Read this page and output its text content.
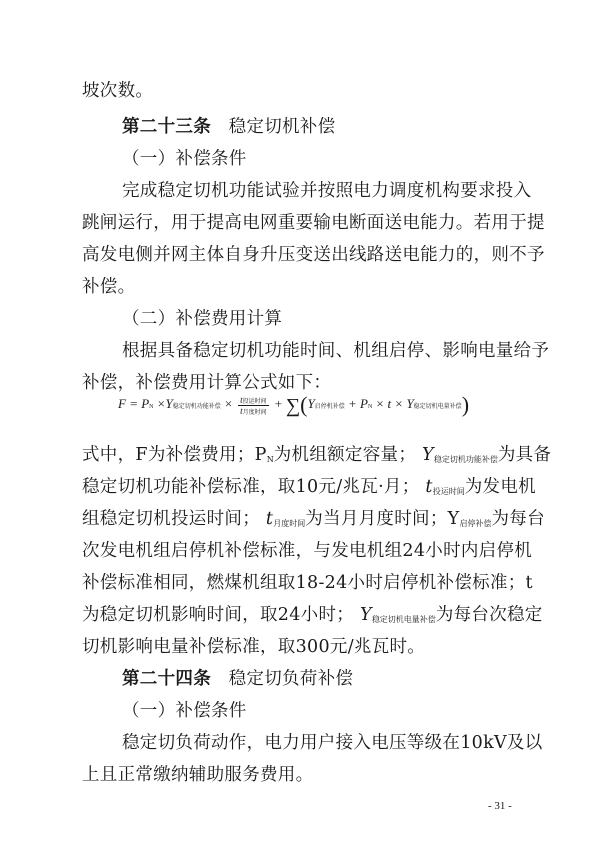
坡次数。
第二十三条 稳定切机补偿
（一）补偿条件
完成稳定切机功能试验并按照电力调度机构要求投入
跳闸运行，用于提高电网重要输电断面送电能力。若用于提
高发电侧并网主体自身升压变送出线路送电能力的，则不予
补偿。
（二）补偿费用计算
根据具备稳定切机功能时间、机组启停、影响电量给予
补偿，补偿费用计算公式如下：
F = PN ×Y稳定切机功能补偿 × $\frac{\text{t投运时间}}{\text{t月度时间}} + \sum(Y$启停机补偿 + PN × t × Y稳定切机电量补偿)
式中，F为补偿费用；$P_N$为机组额定容量； $Y_{稳定切机功能补偿}$为具备
稳定切机功能补偿标准，取10元/兆瓦·月； $t_{投运时间}$为发电机
组稳定切机投运时间； $t_{月度时间}$为当月月度时间；$Y_{启停补偿}$为每台
次发电机组启停机补偿标准，与发电机组24小时内启停机
补偿标准相同，燃煤机组取18-24小时启停机补偿标准；t
为稳定切机影响时间，取24小时； $Y_{稳定切机电量补偿}$为每台次稳定
切机影响电量补偿标准，取300元/兆瓦时。
第二十四条 稳定切负荷补偿
（一）补偿条件
稳定切负荷动作，电力用户接入电压等级在10kV及以
上且正常缴纳辅助服务费用。
- 31 -
